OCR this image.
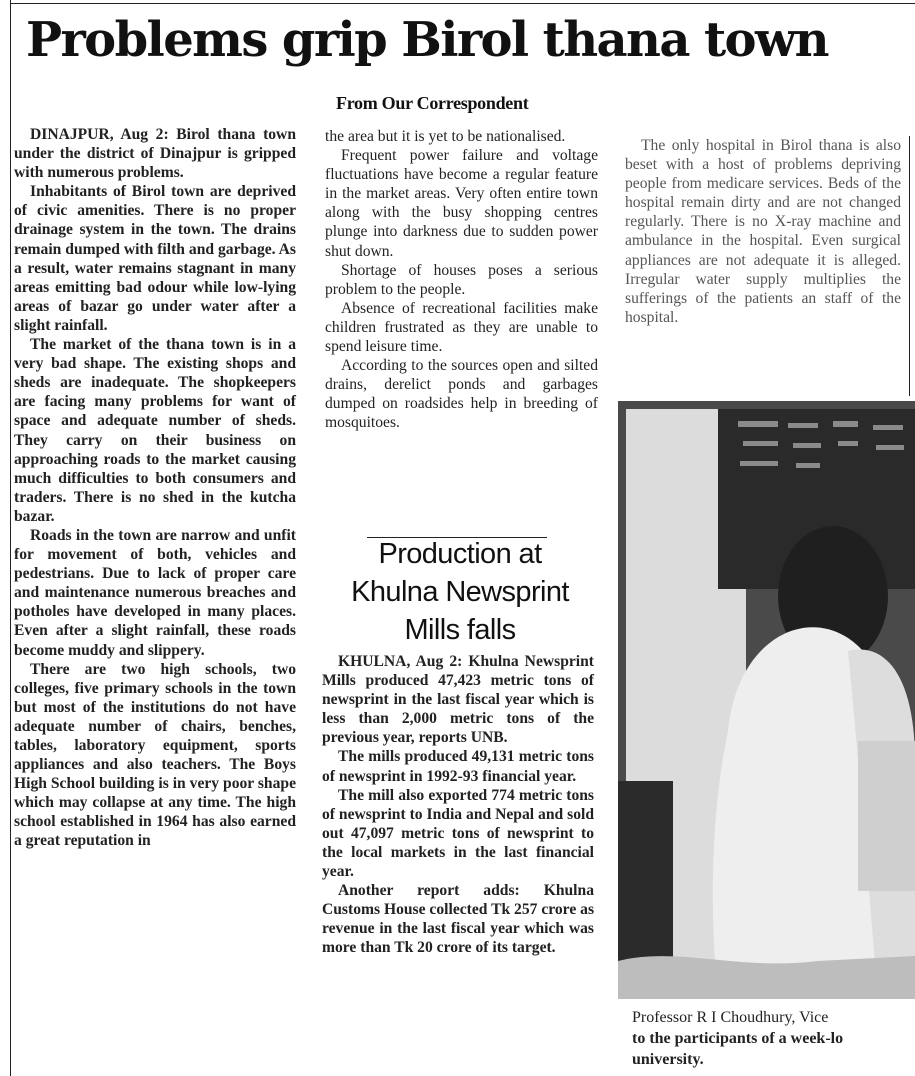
Problems grip Birol thana town
From Our Correspondent

DINAJPUR, Aug 2: Birol thana town under the district of Dinajpur is gripped with numerous problems.

Inhabitants of Birol town are deprived of civic amenities. There is no proper drainage system in the town. The drains remain dumped with filth and garbage. As a result, water remains stagnant in many areas emitting bad odour while low-lying areas of bazar go under water after a slight rainfall.

The market of the thana town is in a very bad shape. The existing shops and sheds are inadequate. The shopkeepers are facing many problems for want of space and adequate number of sheds. They carry on their business on approaching roads to the market causing much difficulties to both consumers and traders. There is no shed in the kutcha bazar.

Roads in the town are narrow and unfit for movement of both, vehicles and pedestrians. Due to lack of proper care and maintenance numerous breaches and potholes have developed in many places. Even after a slight rainfall, these roads become muddy and slippery.

There are two high schools, two colleges, five primary schools in the town but most of the institutions do not have adequate number of chairs, benches, tables, laboratory equipment, sports appliances and also teachers. The Boys High School building is in very poor shape which may collapse at any time. The high school established in 1964 has also earned a great reputation in

the area but it is yet to be nationalised.

Frequent power failure and voltage fluctuations have become a regular feature in the market areas. Very often entire town along with the busy shopping centres plunge into darkness due to sudden power shut down.

Shortage of houses poses a serious problem to the people.

Absence of recreational facilities make children frustrated as they are unable to spend leisure time.

According to the sources open and silted drains, derelict ponds and garbages dumped on roadsides help in breeding of mosquitoes.

The only hospital in Birol thana is also beset with a host of problems depriving people from medicare services. Beds of the hospital remain dirty and are not changed regularly. There is no X-ray machine and ambulance in the hospital. Even surgical appliances are not adequate it is alleged. Irregular water supply multiplies the sufferings of the patients an staff of the hospital.

Production at
Khulna Newsprint
Mills falls

KHULNA, Aug 2: Khulna Newsprint Mills produced 47,423 metric tons of newsprint in the last fiscal year which is less than 2,000 metric tons of the previous year, reports UNB.

The mills produced 49,131 metric tons of newsprint in 1992-93 financial year.

The mill also exported 774 metric tons of newsprint to India and Nepal and sold out 47,097 metric tons of newsprint to the local markets in the last financial year.

Another report adds: Khulna Customs House collected Tk 257 crore as revenue in the last fiscal year which was more than Tk 20 crore of its target.

Professor R I Choudhury, Vice
to the participants of a week-lo
university.
